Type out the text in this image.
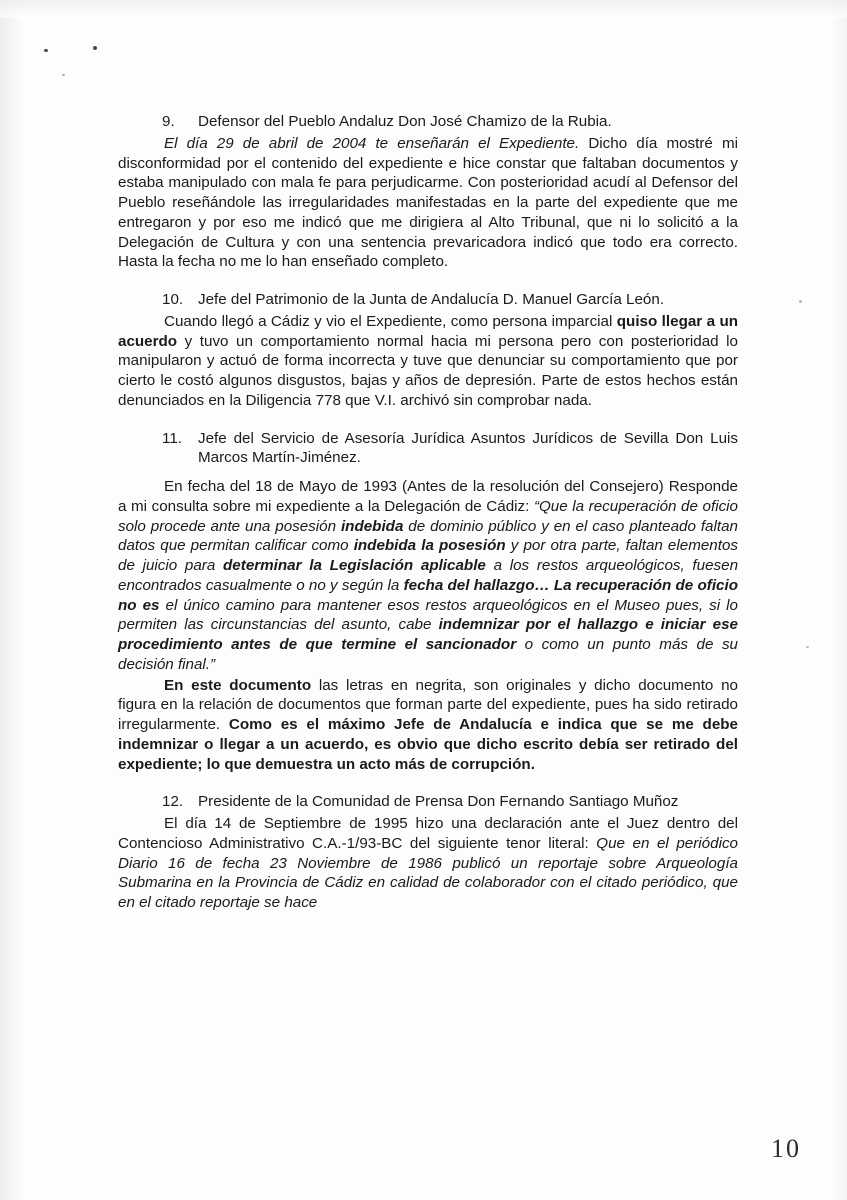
9.	Defensor del Pueblo Andaluz Don José Chamizo de la Rubia.

El día 29 de abril de 2004 te enseñarán el Expediente. Dicho día mostré mi disconformidad por el contenido del expediente e hice constar que faltaban documentos y estaba manipulado con mala fe para perjudicarme. Con posterioridad acudí al Defensor del Pueblo reseñándole las irregularidades manifestadas en la parte del expediente que me entregaron y por eso me indicó que me dirigiera al Alto Tribunal, que ni lo solicitó a la Delegación de Cultura y con una sentencia prevaricadora indicó que todo era correcto. Hasta la fecha no me lo han enseñado completo.

10. Jefe del Patrimonio de la Junta de Andalucía D. Manuel García León.

Cuando llegó a Cádiz y vio el Expediente, como persona imparcial quiso llegar a un acuerdo y tuvo un comportamiento normal hacia mi persona pero con posterioridad lo manipularon y actuó de forma incorrecta y tuve que denunciar su comportamiento que por cierto le costó algunos disgustos, bajas y años de depresión. Parte de estos hechos están denunciados en la Diligencia 778 que V.I. archivó sin comprobar nada.

11.	Jefe del Servicio de Asesoría Jurídica Asuntos Jurídicos de Sevilla Don Luis Marcos Martín-Jiménez.

En fecha del 18 de Mayo de 1993 (Antes de la resolución del Consejero) Responde a mi consulta sobre mi expediente a la Delegación de Cádiz: “Que la recuperación de oficio solo procede ante una posesión indebida de dominio público y en el caso planteado faltan datos que permitan calificar como indebida la posesión y por otra parte, faltan elementos de juicio para determinar la Legislación aplicable a los restos arqueológicos, fuesen encontrados casualmente o no y según la fecha del hallazgo… La recuperación de oficio no es el único camino para mantener esos restos arqueológicos en el Museo pues, si lo permiten las circunstancias del asunto, cabe indemnizar por el hallazgo e iniciar ese procedimiento antes de que termine el sancionador o como un punto más de su decisión final.”

En este documento las letras en negrita, son originales y dicho documento no figura en la relación de documentos que forman parte del expediente, pues ha sido retirado irregularmente. Como es el máximo Jefe de Andalucía e indica que se me debe indemnizar o llegar a un acuerdo, es obvio que dicho escrito debía ser retirado del expediente; lo que demuestra un acto más de corrupción.

12. Presidente de la Comunidad de Prensa Don Fernando Santiago Muñoz

El día 14 de Septiembre de 1995 hizo una declaración ante el Juez dentro del Contencioso Administrativo C.A.-1/93-BC del siguiente tenor literal: Que en el periódico Diario 16 de fecha 23 Noviembre de 1986 publicó un reportaje sobre Arqueología Submarina en la Provincia de Cádiz en calidad de colaborador con el citado periódico, que en el citado reportaje se hace

10
